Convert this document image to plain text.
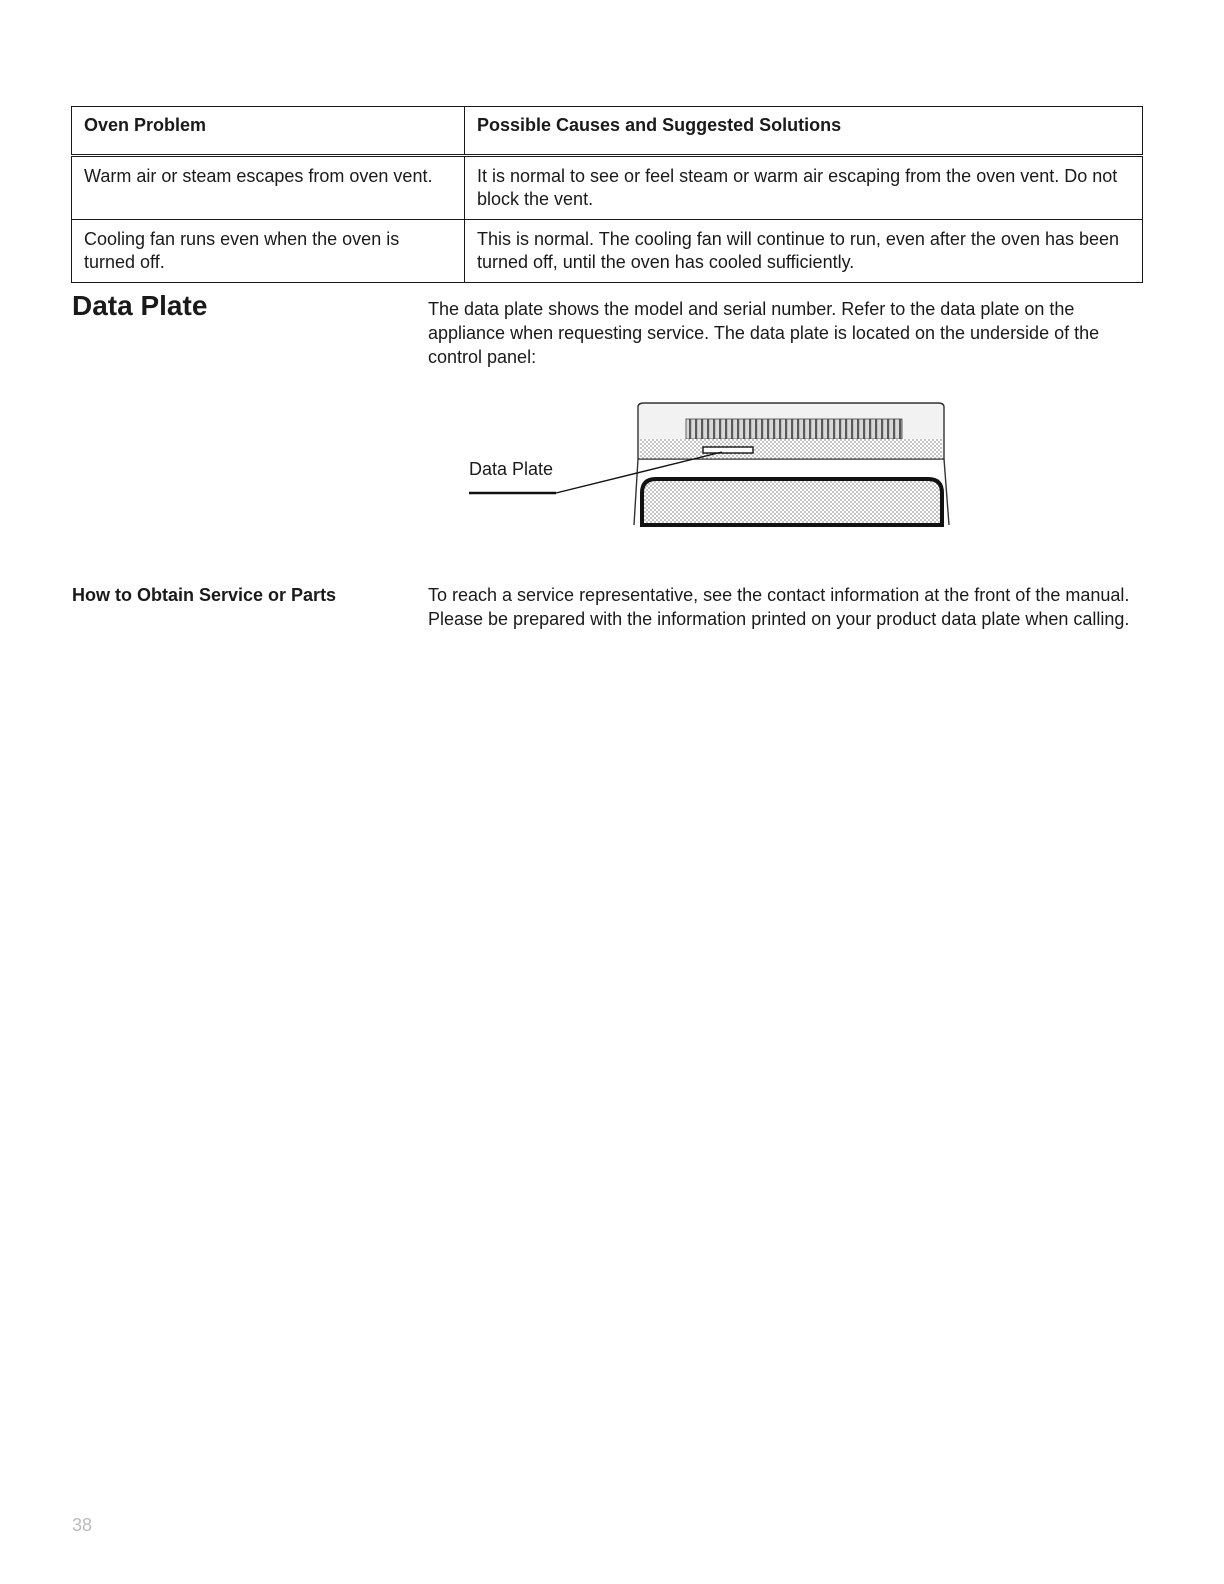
Oven Problem	Possible Causes and Suggested Solutions
Warm air or steam escapes from oven vent.	It is normal to see or feel steam or warm air escaping from the oven vent. Do not block the vent.
Cooling fan runs even when the oven is turned off.	This is normal. The cooling fan will continue to run, even after the oven has been turned off, until the oven has cooled sufficiently.
Data Plate	The data plate shows the model and serial number. Refer to the data plate on the appliance when requesting service. The data plate is located on the underside of the control panel:

Data Plate
How to Obtain Service or Parts	To reach a service representative, see the contact information at the front of the manual. Please be prepared with the information printed on your product data plate when calling.

38
